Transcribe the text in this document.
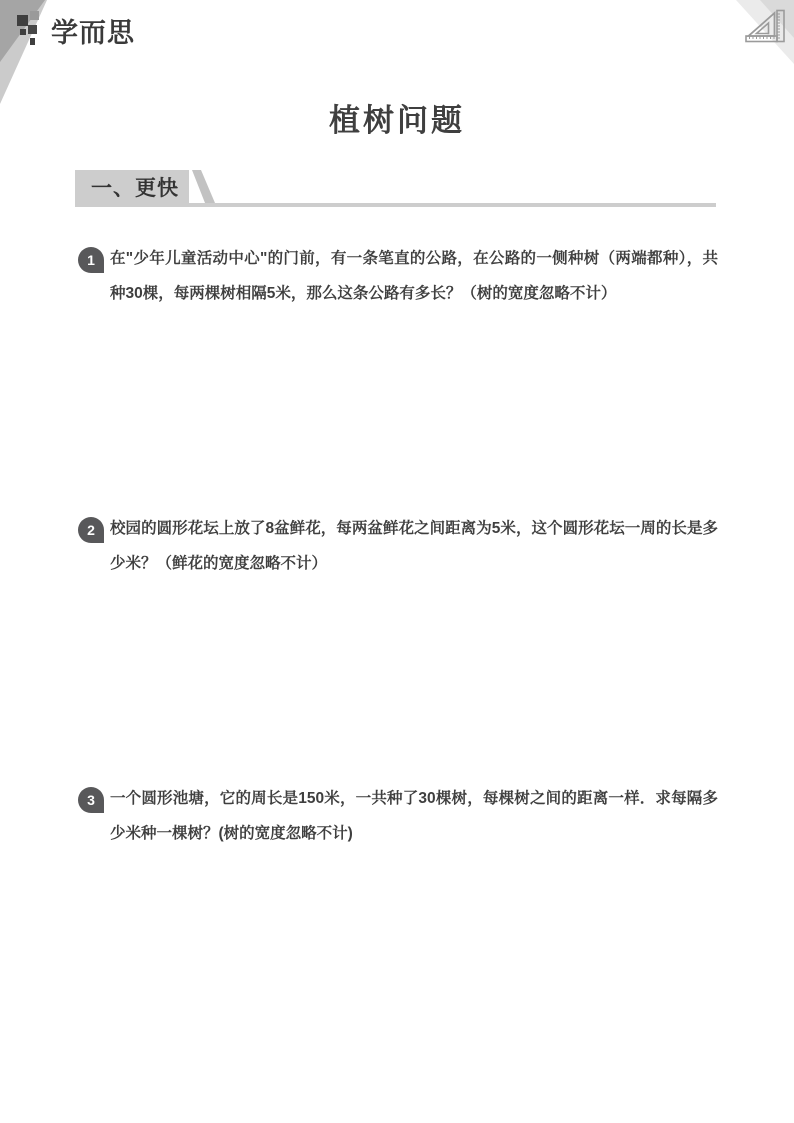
学而思
植树问题
一、更快
1 在"少年儿童活动中心"的门前，有一条笔直的公路，在公路的一侧种树（两端都种），共种30棵，每两棵树相隔5米，那么这条公路有多长？（树的宽度忽略不计）
2 校园的圆形花坛上放了8盆鲜花，每两盆鲜花之间距离为5米，这个圆形花坛一周的长是多少米？（鲜花的宽度忽略不计）
3 一个圆形池塘，它的周长是150米，一共种了30棵树，每棵树之间的距离一样．求每隔多少米种一棵树？(树的宽度忽略不计)
